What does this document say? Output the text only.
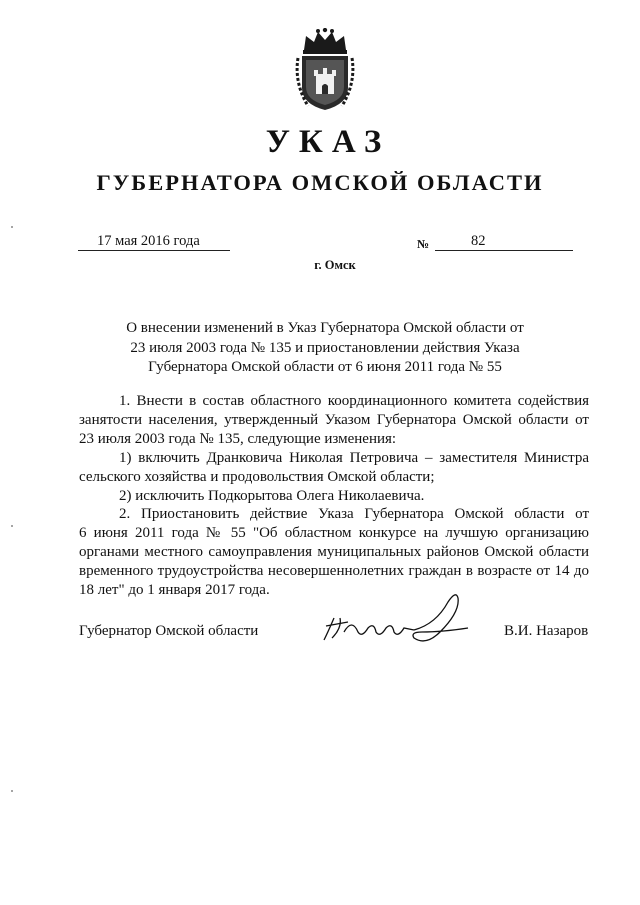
УКАЗ
ГУБЕРНАТОРА ОМСКОЙ ОБЛАСТИ
17 мая 2016 года	№	82
г. Омск
О внесении изменений в Указ Губернатора Омской области от
23 июля 2003 года № 135 и приостановлении действия Указа
Губернатора Омской области от 6 июня 2011 года № 55
1. Внести в состав областного координационного комитета содействия
занятости населения, утвержденный Указом Губернатора Омской области от
23 июля 2003 года № 135, следующие изменения:
1) включить Дранковича Николая Петровича – заместителя Министра
сельского хозяйства и продовольствия Омской области;
2) исключить Подкорытова Олега Николаевича.
2. Приостановить действие Указа Губернатора Омской области от
6 июня 2011 года № 55 "Об областном конкурсе на лучшую организацию
органами местного самоуправления муниципальных районов Омской области
временного трудоустройства несовершеннолетних граждан в возрасте от 14 до
18 лет" до 1 января 2017 года.
Губернатор Омской области	В.И. Назаров
